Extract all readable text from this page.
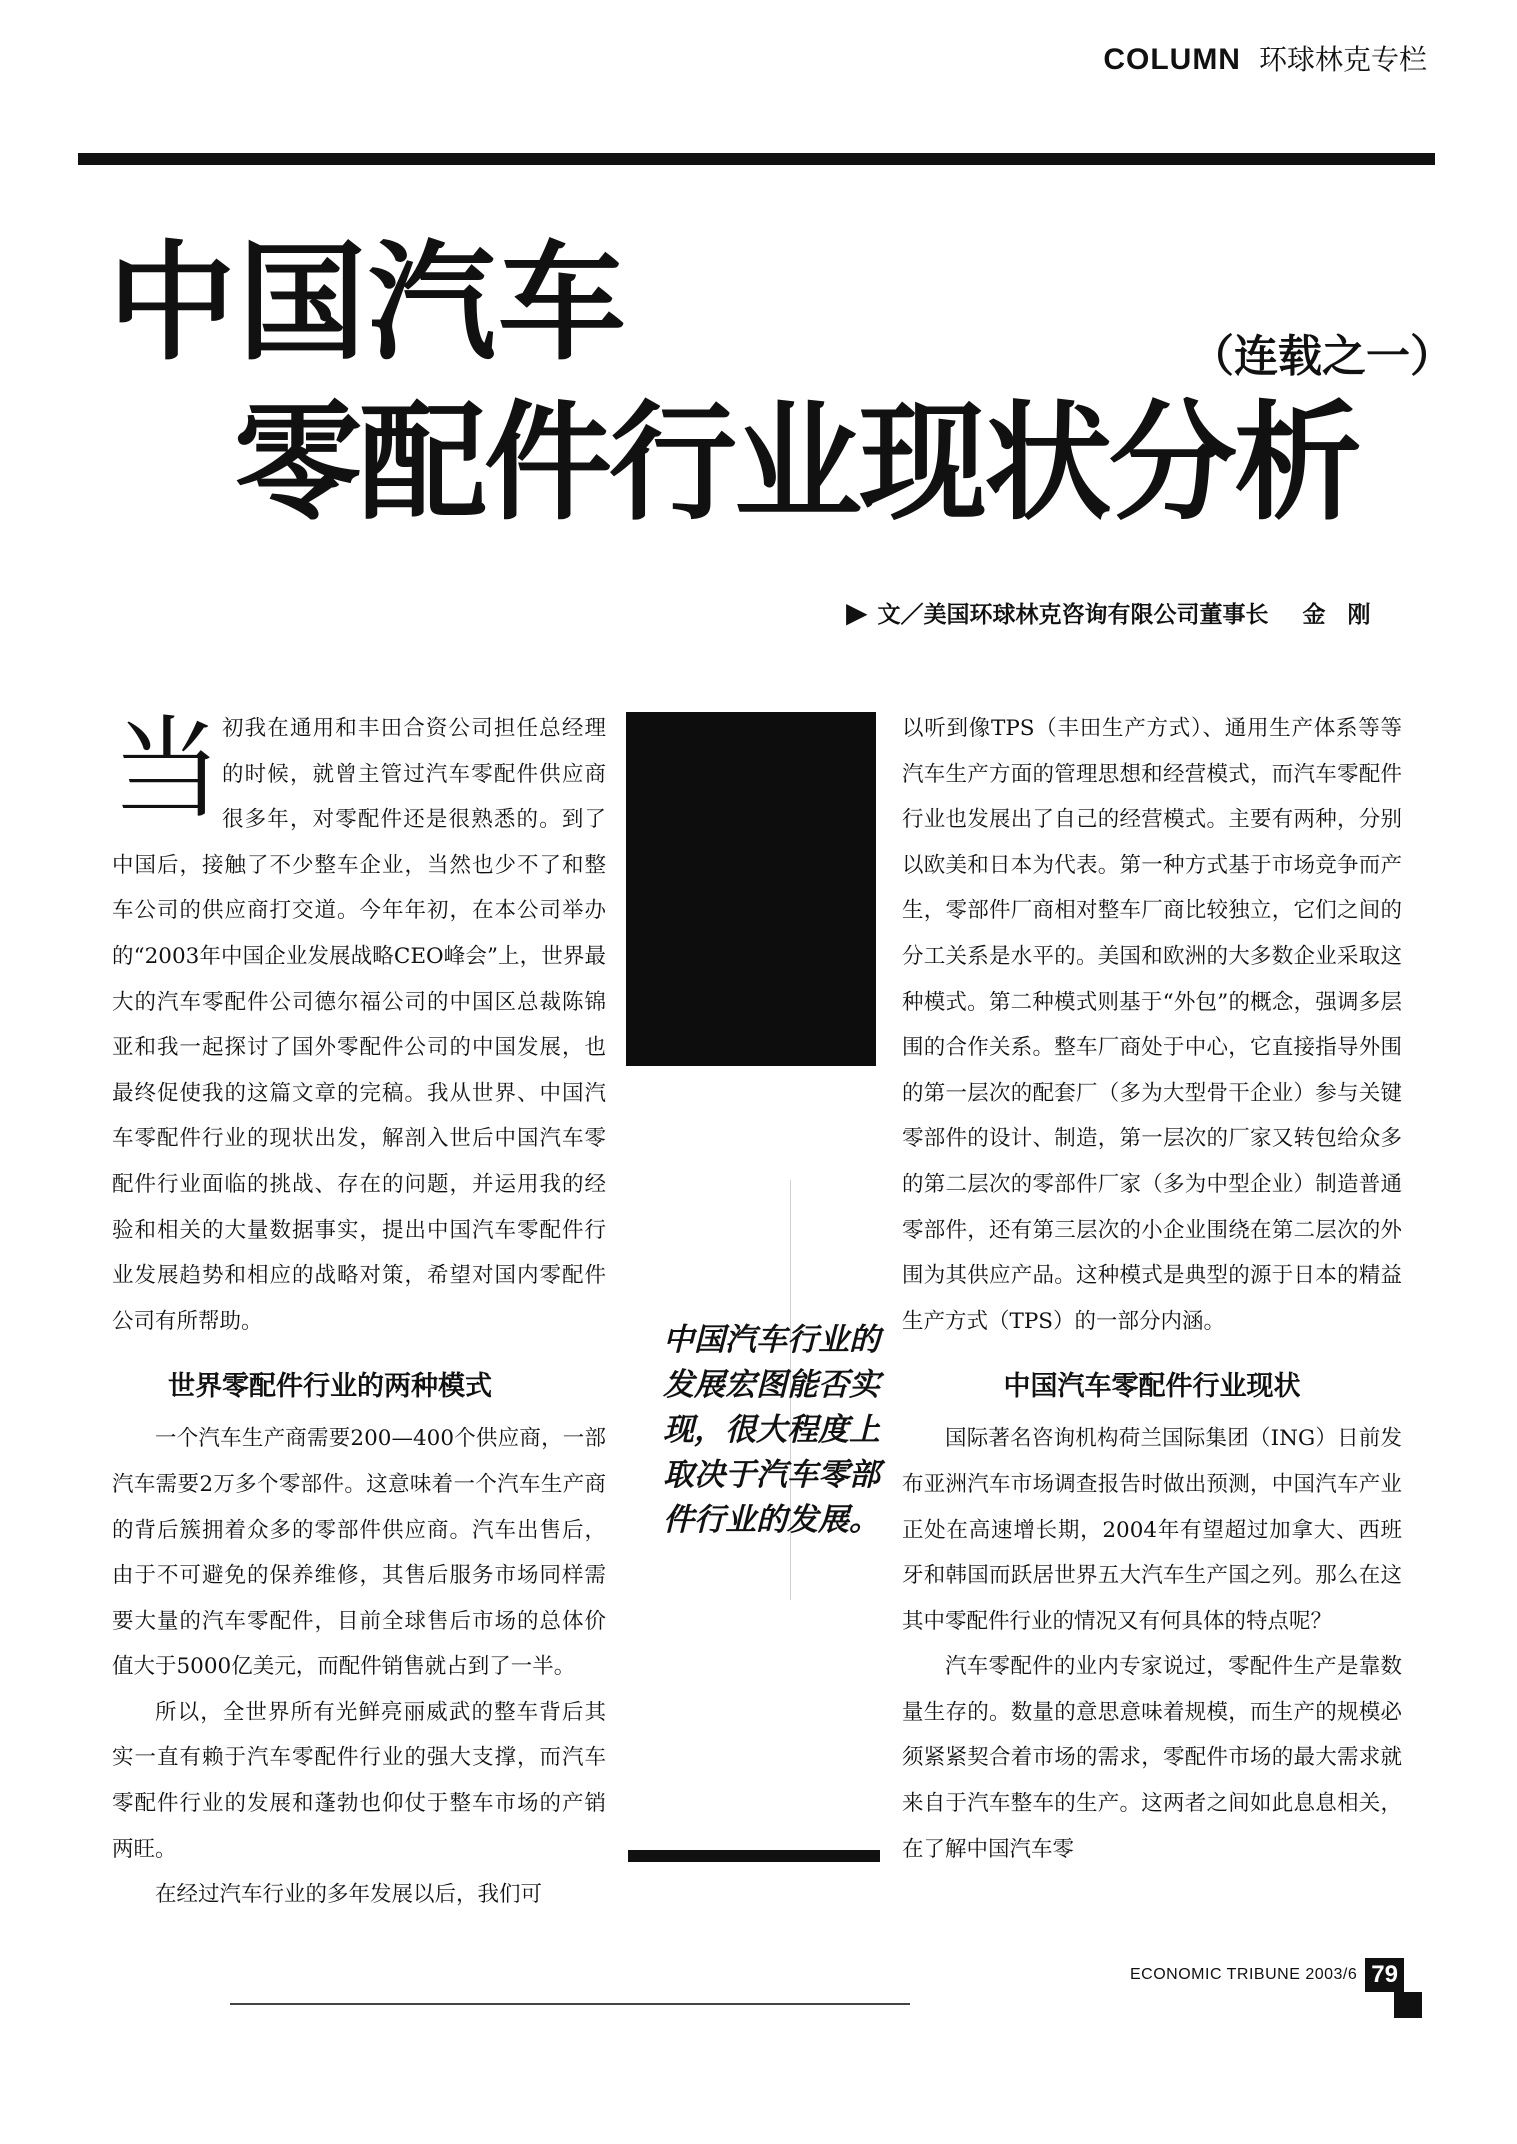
COLUMN 环球林克专栏
中国汽车	（连载之一）
零配件行业现状分析
▶ 文／美国环球林克咨询有限公司董事长 金刚

当初我在通用和丰田合资公司担任总经理的时候，就曾主管过汽车零配件供应商很多年，对零配件还是很熟悉的。到了中国后，接触了不少整车企业，当然也少不了和整车公司的供应商打交道。今年年初，在本公司举办的“2003年中国企业发展战略CEO峰会”上，世界最大的汽车零配件公司德尔福公司的中国区总裁陈锦亚和我一起探讨了国外零配件公司的中国发展，也最终促使我的这篇文章的完稿。我从世界、中国汽车零配件行业的现状出发，解剖入世后中国汽车零配件行业面临的挑战、存在的问题，并运用我的经验和相关的大量数据事实，提出中国汽车零配件行业发展趋势和相应的战略对策，希望对国内零配件公司有所帮助。

世界零配件行业的两种模式

一个汽车生产商需要200—400个供应商，一部汽车需要2万多个零部件。这意味着一个汽车生产商的背后簇拥着众多的零部件供应商。汽车出售后，由于不可避免的保养维修，其售后服务市场同样需要大量的汽车零配件，目前全球售后市场的总体价值大于5000亿美元，而配件销售就占到了一半。

所以，全世界所有光鲜亮丽威武的整车背后其实一直有赖于汽车零配件行业的强大支撑，而汽车零配件行业的发展和蓬勃也仰仗于整车市场的产销两旺。

在经过汽车行业的多年发展以后，我们可

中国汽车行业的发展宏图能否实现，很大程度上取决于汽车零部件行业的发展。

以听到像TPS（丰田生产方式）、通用生产体系等等汽车生产方面的管理思想和经营模式，而汽车零配件行业也发展出了自己的经营模式。主要有两种，分别以欧美和日本为代表。第一种方式基于市场竞争而产生，零部件厂商相对整车厂商比较独立，它们之间的分工关系是水平的。美国和欧洲的大多数企业采取这种模式。第二种模式则基于“外包”的概念，强调多层围的合作关系。整车厂商处于中心，它直接指导外围的第一层次的配套厂（多为大型骨干企业）参与关键零部件的设计、制造，第一层次的厂家又转包给众多的第二层次的零部件厂家（多为中型企业）制造普通零部件，还有第三层次的小企业围绕在第二层次的外围为其供应产品。这种模式是典型的源于日本的精益生产方式（TPS）的一部分内涵。

中国汽车零配件行业现状

国际著名咨询机构荷兰国际集团（ING）日前发布亚洲汽车市场调查报告时做出预测，中国汽车产业正处在高速增长期，2004年有望超过加拿大、西班牙和韩国而跃居世界五大汽车生产国之列。那么在这其中零配件行业的情况又有何具体的特点呢？

汽车零配件的业内专家说过，零配件生产是靠数量生存的。数量的意思意味着规模，而生产的规模必须紧紧契合着市场的需求，零配件市场的最大需求就来自于汽车整车的生产。这两者之间如此息息相关，在了解中国汽车零

ECONOMIC TRIBUNE 2003/6 79
